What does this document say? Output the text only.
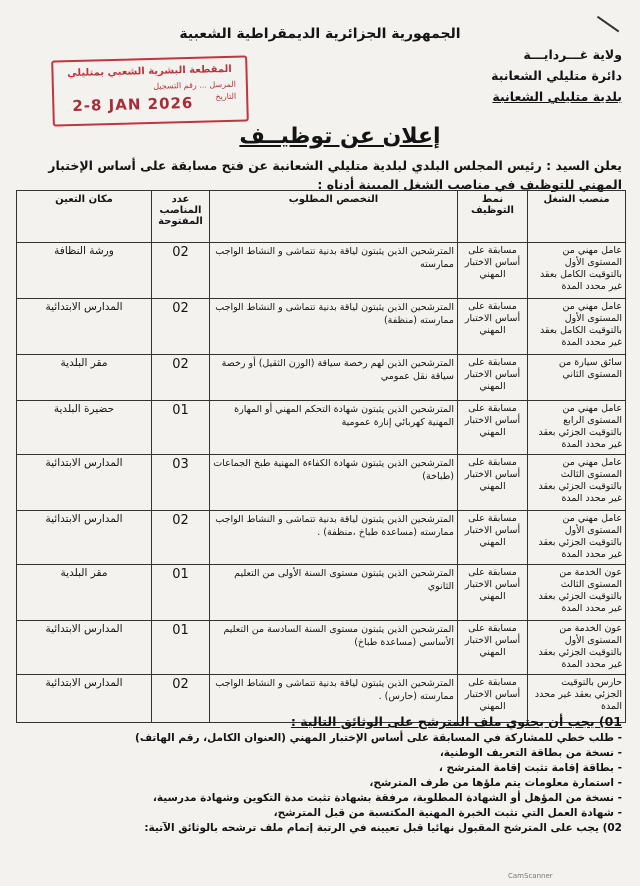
الجمهورية الجزائرية الديمقراطية الشعبية
ولاية غـــردايـــة
دائرة متليلي الشعانبة
بلدية متليلي الشعانبة
المقطعة البشرية الشعبي بمتليلي
المرسل ... رقم التسجيل
التاريخ
2-8 JAN 2026
إعلان عن توظيــف
يعلن السيد : رئيس المجلس البلدي لبلدية متليلي الشعانبة عن فتح مسابقة على أساس الإختبار المهني للتوظيف في مناصب الشغل المبينة أدناه :
منصب الشغل	نمط التوظيف	التخصص المطلوب	عدد المناصب المفتوحة	مكان التعين
عامل مهني من المستوى الأول بالتوقيت الكامل بعقد غير محدد المدة	مسابقة على أساس الاختبار المهني	المترشحين الذين يثبتون لياقة بدنية تتماشى و النشاط الواجب ممارسته	02	ورشة النظافة
عامل مهني من المستوى الأول بالتوقيت الكامل بعقد غير محدد المدة	مسابقة على أساس الاختبار المهني	المترشحين الذين يثبتون لياقة بدنية تتماشى و النشاط الواجب ممارسته (منظفة)	02	المدارس الابتدائية
سائق سيارة من المستوى الثاني	مسابقة على أساس الاختبار المهني	المترشحين الذين لهم رخصة سياقة (الوزن الثقيل) أو رخصة سياقة نقل عمومي	02	مقر البلدية
عامل مهني من المستوى الرابع بالتوقيت الجزئي بعقد غير محدد المدة	مسابقة على أساس الاختبار المهني	المترشحين الذين يثبتون شهادة التحكم المهني أو المهارة المهنية كهربائي إنارة عمومية	01	حضيرة البلدية
عامل مهني من المستوى الثالث بالتوقيت الجزئي بعقد غير محدد المدة	مسابقة على أساس الاختبار المهني	المترشحين الذين يثبتون شهادة الكفاءة المهنية طبخ الجماعات (طباخة)	03	المدارس الابتدائية
عامل مهني من المستوى الأول بالتوقيت الجزئي بعقد غير محدد المدة	مسابقة على أساس الاختبار المهني	المترشحين الذين يثبتون لياقة بدنية تتماشى و النشاط الواجب ممارسته (مساعدة طباخ ،منظفة) .	02	المدارس الابتدائية
عون الخدمة من المستوى الثالث بالتوقيت الجزئي بعقد غير محدد المدة	مسابقة على أساس الاختبار المهني	المترشحين الذين يثبتون مستوى السنة الأولى من التعليم الثانوي	01	مقر البلدية
عون الخدمة من المستوى الأول بالتوقيت الجزئي بعقد غير محدد المدة	مسابقة على أساس الاختبار المهني	المترشحين الذين يثبتون مستوى السنة السادسة من التعليم الأساسي (مساعدة طباخ)	01	المدارس الابتدائية
حارس بالتوقيت الجزئي بعقد غير محدد المدة	مسابقة على أساس الاختبار المهني	المترشحين الذين يثبتون لياقة بدنية تتماشى و النشاط الواجب ممارسته (حارس) .	02	المدارس الابتدائية
01) يجب أن يحتوي ملف المترشح على الوثائق التالية :
- طلب خطي للمشاركة في المسابقة على أساس الإختبار المهني (العنوان الكامل، رقم الهاتف)
- نسخة من بطاقة التعريف الوطنية،
- بطاقة إقامة تثبت إقامة المترشح ،
- استمارة معلومات يتم ملؤها من طرف المترشح،
- نسخة من المؤهل أو الشهادة المطلوبة، مرفقة بشهادة تثبت مدة التكوين وشهادة مدرسية،
- شهادة العمل التي تثبت الخبرة المهنية المكتسبة من قبل المترشح،
02) يجب على المترشح المقبول نهائيا قبل تعيينه في الرتبة إتمام ملف ترشحه بالوثائق الآتية:
CamScanner
